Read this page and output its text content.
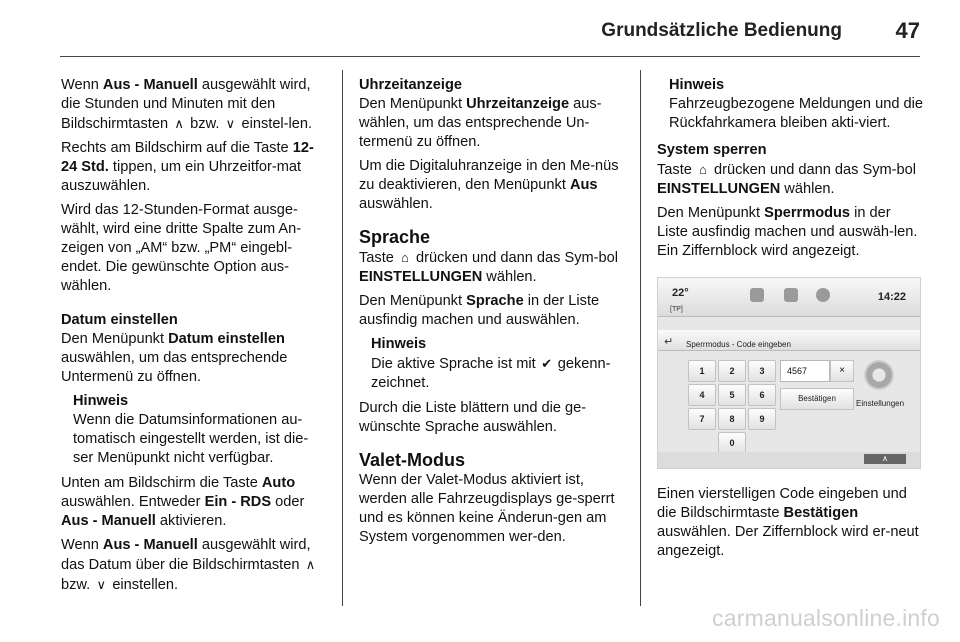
Grundsätzliche Bedienung 47

Wenn Aus - Manuell ausgewählt wird, die Stunden und Minuten mit den Bildschirmtasten ∧ bzw. ∨ einstel-len.

Rechts am Bildschirm auf die Taste 12-24 Std. tippen, um ein Uhrzeitfor-mat auszuwählen.

Wird das 12-Stunden-Format ausge-wählt, wird eine dritte Spalte zum An-zeigen von „AM“ bzw. „PM“ eingebl-endet. Die gewünschte Option aus-wählen.

Datum einstellen

Den Menüpunkt Datum einstellen auswählen, um das entsprechende Untermenü zu öffnen.

Hinweis
Wenn die Datumsinformationen au-tomatisch eingestellt werden, ist die-ser Menüpunkt nicht verfügbar.

Unten am Bildschirm die Taste Auto auswählen. Entweder Ein - RDS oder Aus - Manuell aktivieren.

Wenn Aus - Manuell ausgewählt wird, das Datum über die Bildschirmtasten ∧ bzw. ∨ einstellen.

Uhrzeitanzeige

Den Menüpunkt Uhrzeitanzeige aus-wählen, um das entsprechende Un-termenü zu öffnen.

Um die Digitaluhranzeige in den Me-nüs zu deaktivieren, den Menüpunkt Aus auswählen.

Sprache

Taste ⌂ drücken und dann das Sym-bol EINSTELLUNGEN wählen.

Den Menüpunkt Sprache in der Liste ausfindig machen und auswählen.

Hinweis
Die aktive Sprache ist mit ✔ gekenn-zeichnet.

Durch die Liste blättern und die ge-wünschte Sprache auswählen.

Valet-Modus

Wenn der Valet-Modus aktiviert ist, werden alle Fahrzeugdisplays ge-sperrt und es können keine Änderun-gen am System vorgenommen wer-den.

Hinweis
Fahrzeugbezogene Meldungen und die Rückfahrkamera bleiben akti-viert.

System sperren

Taste ⌂ drücken und dann das Sym-bol EINSTELLUNGEN wählen.

Den Menüpunkt Sperrmodus in der Liste ausfindig machen und auswäh-len. Ein Ziffernblock wird angezeigt.

22°
[TP]
14:22
↵ Sperrmodus - Code eingeben
1	2	3
4	5	6
7	8	9
0
4567	×
Bestätigen
Einstellungen
∧

Einen vierstelligen Code eingeben und die Bildschirmtaste Bestätigen auswählen. Der Ziffernblock wird er-neut angezeigt.

carmanualsonline.info
